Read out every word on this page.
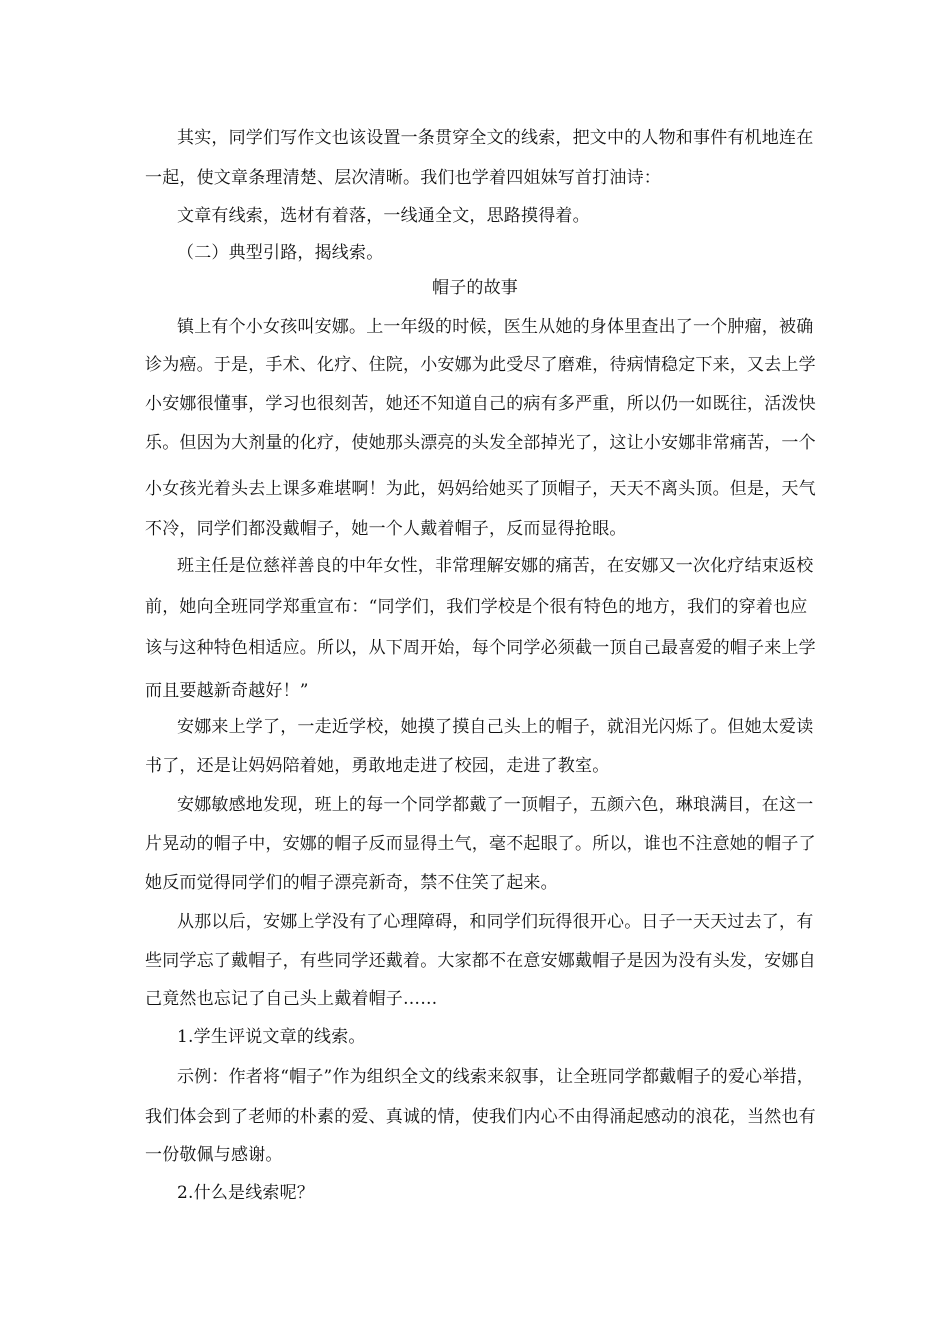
其实，同学们写作文也该设置一条贯穿全文的线索，把文中的人物和事件有机地连在
一起，使文章条理清楚、层次清晰。我们也学着四姐妹写首打油诗：
文章有线索，选材有着落，一线通全文，思路摸得着。
（二）典型引路，揭线索。
帽子的故事
镇上有个小女孩叫安娜。上一年级的时候，医生从她的身体里查出了一个肿瘤，被确
诊为癌。于是，手术、化疗、住院，小安娜为此受尽了磨难，待病情稳定下来，又去上学
小安娜很懂事，学习也很刻苦，她还不知道自己的病有多严重，所以仍一如既往，活泼快
乐。但因为大剂量的化疗，使她那头漂亮的头发全部掉光了，这让小安娜非常痛苦，一个
小女孩光着头去上课多难堪啊！为此，妈妈给她买了顶帽子，天天不离头顶。但是，天气
不冷，同学们都没戴帽子，她一个人戴着帽子，反而显得抢眼。
班主任是位慈祥善良的中年女性，非常理解安娜的痛苦，在安娜又一次化疗结束返校
前，她向全班同学郑重宣布：“同学们，我们学校是个很有特色的地方，我们的穿着也应
该与这种特色相适应。所以，从下周开始，每个同学必须截一顶自己最喜爱的帽子来上学
而且要越新奇越好！”
安娜来上学了，一走近学校，她摸了摸自己头上的帽子，就泪光闪烁了。但她太爱读
书了，还是让妈妈陪着她，勇敢地走进了校园，走进了教室。
安娜敏感地发现，班上的每一个同学都戴了一顶帽子，五颜六色，琳琅满目，在这一
片晃动的帽子中，安娜的帽子反而显得土气，毫不起眼了。所以，谁也不注意她的帽子了
她反而觉得同学们的帽子漂亮新奇，禁不住笑了起来。
从那以后，安娜上学没有了心理障碍，和同学们玩得很开心。日子一天天过去了，有
些同学忘了戴帽子，有些同学还戴着。大家都不在意安娜戴帽子是因为没有头发，安娜自
己竟然也忘记了自己头上戴着帽子……
1.学生评说文章的线索。
示例：作者将“帽子”作为组织全文的线索来叙事，让全班同学都戴帽子的爱心举措，
我们体会到了老师的朴素的爱、真诚的情，使我们内心不由得涌起感动的浪花，当然也有
一份敬佩与感谢。
2.什么是线索呢？
